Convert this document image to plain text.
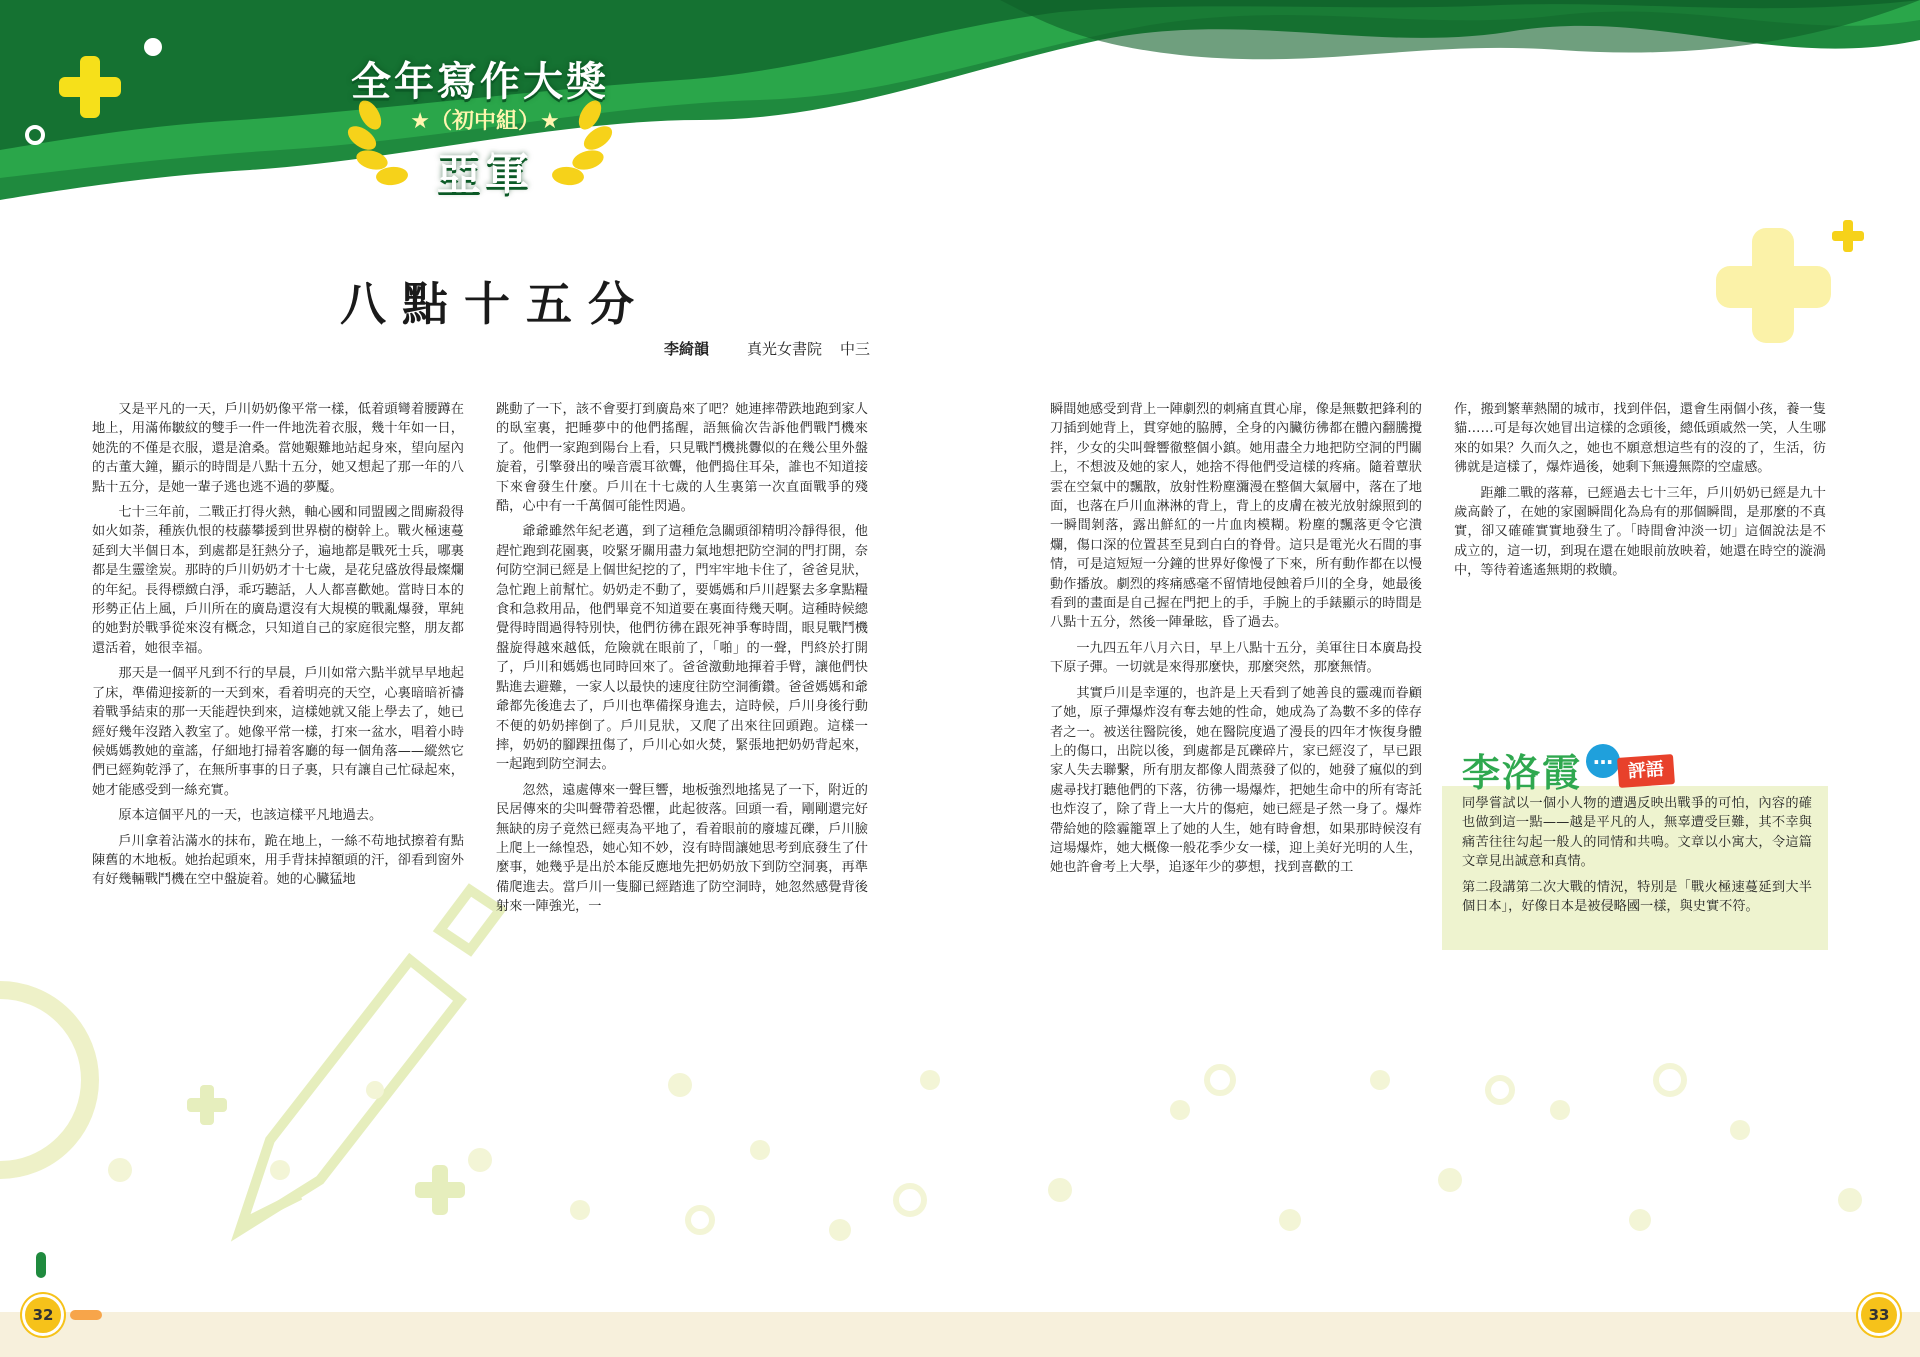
全年寫作大獎
★（初中組）★
亞軍
八點十五分
李綺韻	真光女書院 中三

又是平凡的一天，戶川奶奶像平常一樣，低着頭彎着腰蹲在地上，用滿佈皺紋的雙手一件一件地洗着衣服，幾十年如一日，她洗的不僅是衣服，還是滄桑。當她艱難地站起身來，望向屋內的古董大鐘，顯示的時間是八點十五分，她又想起了那一年的八點十五分，是她一輩子逃也逃不過的夢魘。

七十三年前，二戰正打得火熱，軸心國和同盟國之間廝殺得如火如荼，種族仇恨的枝藤攀援到世界樹的樹幹上。戰火極速蔓延到大半個日本，到處都是狂熱分子，遍地都是戰死士兵，哪裏都是生靈塗炭。那時的戶川奶奶才十七歲，是花兒盛放得最燦爛的年紀。長得標緻白淨，乖巧聽話，人人都喜歡她。當時日本的形勢正佔上風，戶川所在的廣島還沒有大規模的戰亂爆發，單純的她對於戰爭從來沒有概念，只知道自己的家庭很完整，朋友都還活着，她很幸福。

那天是一個平凡到不行的早晨，戶川如常六點半就早早地起了床，準備迎接新的一天到來，看着明亮的天空，心裏暗暗祈禱着戰爭結束的那一天能趕快到來，這樣她就又能上學去了，她已經好幾年沒踏入教室了。她像平常一樣，打來一盆水，唱着小時候媽媽教她的童謠，仔細地打掃着客廳的每一個角落——縱然它們已經夠乾淨了，在無所事事的日子裏，只有讓自己忙碌起來，她才能感受到一絲充實。

原本這個平凡的一天，也該這樣平凡地過去。

戶川拿着沾滿水的抹布，跪在地上，一絲不苟地拭擦着有點陳舊的木地板。她抬起頭來，用手背抹掉額頭的汗，卻看到窗外有好幾輛戰鬥機在空中盤旋着。她的心臟猛地

跳動了一下，該不會要打到廣島來了吧？她連摔帶跌地跑到家人的臥室裏，把睡夢中的他們搖醒，語無倫次告訴他們戰鬥機來了。他們一家跑到陽台上看，只見戰鬥機挑釁似的在幾公里外盤旋着，引擎發出的噪音震耳欲聾，他們捣住耳朵，誰也不知道接下來會發生什麼。戶川在十七歲的人生裏第一次直面戰爭的殘酷，心中有一千萬個可能性閃過。

爺爺雖然年紀老邁，到了這種危急關頭卻精明冷靜得很，他趕忙跑到花園裏，咬緊牙關用盡力氣地想把防空洞的門打開，奈何防空洞已經是上個世紀挖的了，門牢牢地卡住了，爸爸見狀，急忙跑上前幫忙。奶奶走不動了，要媽媽和戶川趕緊去多拿點糧食和急救用品，他們畢竟不知道要在裏面待幾天啊。這種時候總覺得時間過得特別快，他們彷彿在跟死神爭奪時間，眼見戰鬥機盤旋得越來越低，危險就在眼前了，「啪」的一聲，門終於打開了，戶川和媽媽也同時回來了。爸爸激動地揮着手臂，讓他們快點進去避難，一家人以最快的速度往防空洞衝鑽。爸爸媽媽和爺爺都先後進去了，戶川也準備探身進去，這時候，戶川身後行動不便的奶奶摔倒了。戶川見狀，又爬了出來往回頭跑。這樣一摔，奶奶的腳踝扭傷了，戶川心如火焚，緊張地把奶奶背起來，一起跑到防空洞去。

忽然，遠處傳來一聲巨響，地板強烈地搖晃了一下，附近的民居傳來的尖叫聲帶着恐懼，此起彼落。回頭一看，剛剛還完好無缺的房子竟然已經夷為平地了，看着眼前的廢墟瓦礫，戶川臉上爬上一絲惶恐，她心知不妙，沒有時間讓她思考到底發生了什麼事，她幾乎是出於本能反應地先把奶奶放下到防空洞裏，再準備爬進去。當戶川一隻腳已經踏進了防空洞時，她忽然感覺背後射來一陣強光，一

瞬間她感受到背上一陣劇烈的刺痛直貫心扉，像是無數把鋒利的刀插到她背上，貫穿她的脇膊，全身的內臟彷彿都在體內翻騰攪拌，少女的尖叫聲響徹整個小鎮。她用盡全力地把防空洞的門關上，不想波及她的家人，她捨不得他們受這樣的疼痛。隨着蕈狀雲在空氣中的飄散，放射性粉塵瀰漫在整個大氣層中，落在了地面，也落在戶川血淋淋的背上，背上的皮膚在被光放射線照到的一瞬間剝落，露出鮮紅的一片血肉模糊。粉塵的飄落更令它潰爛，傷口深的位置甚至見到白白的脊骨。這只是電光火石間的事情，可是這短短一分鐘的世界好像慢了下來，所有動作都在以慢動作播放。劇烈的疼痛感毫不留情地侵蝕着戶川的全身，她最後看到的畫面是自己握在門把上的手，手腕上的手錶顯示的時間是八點十五分，然後一陣暈眩，昏了過去。

一九四五年八月六日，早上八點十五分，美軍往日本廣島投下原子彈。一切就是來得那麼快，那麼突然，那麼無情。

其實戶川是幸運的，也許是上天看到了她善良的靈魂而眷顧了她，原子彈爆炸沒有奪去她的性命，她成為了為數不多的倖存者之一。被送往醫院後，她在醫院度過了漫長的四年才恢復身體上的傷口，出院以後，到處都是瓦礫碎片，家已經沒了，早已跟家人失去聯繫，所有朋友都像人間蒸發了似的，她發了瘋似的到處尋找打聽他們的下落，彷彿一場爆炸，把她生命中的所有寄託也炸沒了，除了背上一大片的傷疤，她已經是孑然一身了。爆炸帶給她的陰霾籠罩上了她的人生，她有時會想，如果那時候沒有這場爆炸，她大概像一般花季少女一樣，迎上美好光明的人生，她也許會考上大學，追逐年少的夢想，找到喜歡的工

作，搬到繁華熱鬧的城市，找到伴侶，還會生兩個小孩，養一隻貓……可是每次她冒出這樣的念頭後，總低頭戚然一笑，人生哪來的如果？久而久之，她也不願意想這些有的沒的了，生活，彷彿就是這樣了，爆炸過後，她剩下無邊無際的空虛感。

距離二戰的落幕，已經過去七十三年，戶川奶奶已經是九十歲高齡了，在她的家園瞬間化為烏有的那個瞬間，是那麼的不真實，卻又確確實實地發生了。「時間會沖淡一切」這個說法是不成立的，這一切，到現在還在她眼前放映着，她還在時空的漩渦中，等待着遙遙無期的救贖。

李洛霞 …
評語

同學嘗試以一個小人物的遭遇反映出戰爭的可怕，內容的確也做到這一點——越是平凡的人，無辜遭受巨難，其不幸與痛苦往往勾起一般人的同情和共鳴。文章以小寓大，令這篇文章見出誠意和真情。

第二段講第二次大戰的情況，特別是「戰火極速蔓延到大半個日本」，好像日本是被侵略國一樣，與史實不符。

32	33
